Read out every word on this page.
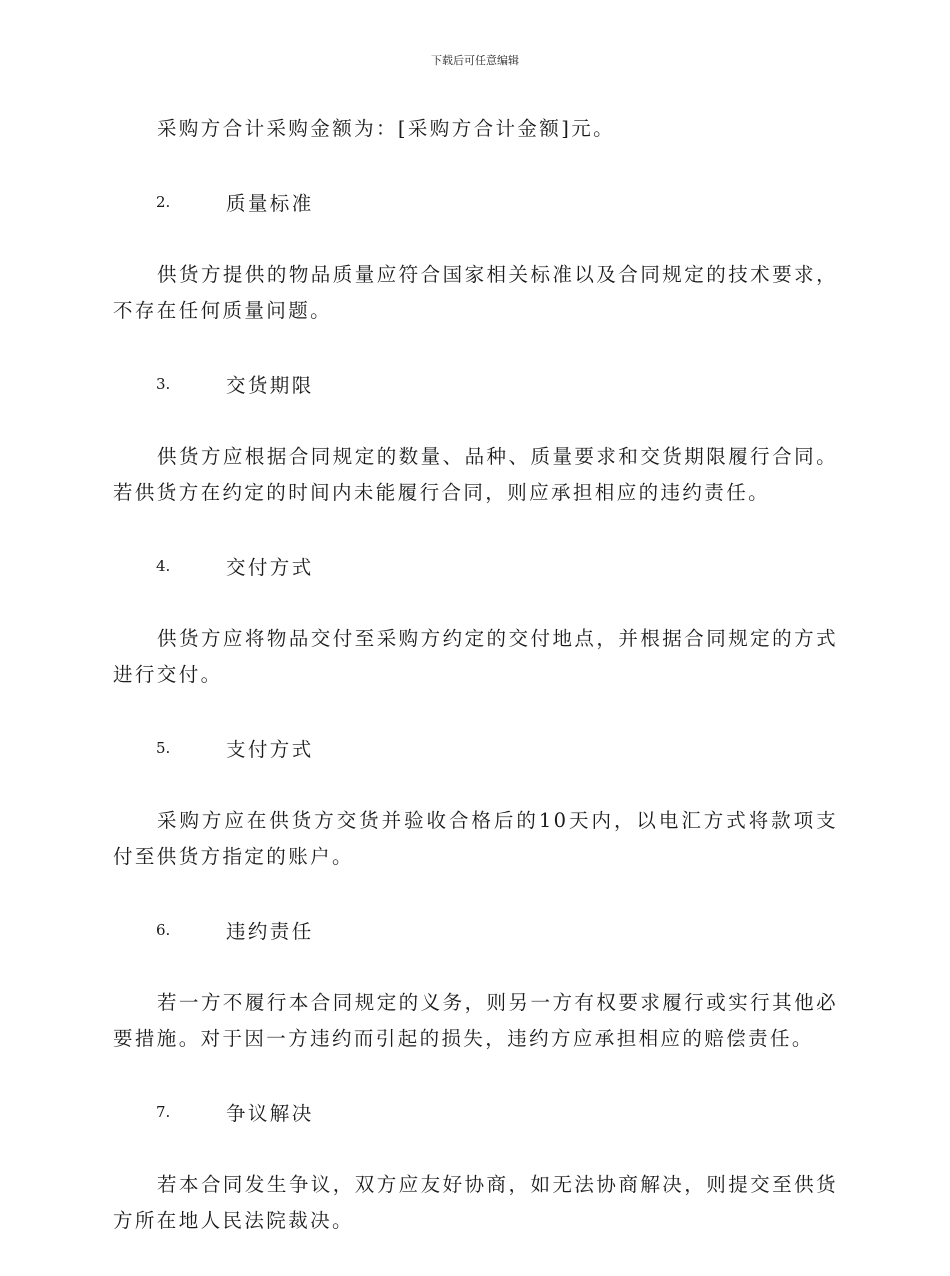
下载后可任意编辑

采购方合计采购金额为：[采购方合计金额]元。

2.	质量标准

供货方提供的物品质量应符合国家相关标准以及合同规定的技术要求，不存在任何质量问题。

3.	交货期限

供货方应根据合同规定的数量、品种、质量要求和交货期限履行合同。若供货方在约定的时间内未能履行合同，则应承担相应的违约责任。

4.	交付方式

供货方应将物品交付至采购方约定的交付地点，并根据合同规定的方式进行交付。

5.	支付方式

采购方应在供货方交货并验收合格后的10天内，以电汇方式将款项支付至供货方指定的账户。

6.	违约责任

若一方不履行本合同规定的义务，则另一方有权要求履行或实行其他必要措施。对于因一方违约而引起的损失，违约方应承担相应的赔偿责任。

7.	争议解决

若本合同发生争议，双方应友好协商，如无法协商解决，则提交至供货方所在地人民法院裁决。
